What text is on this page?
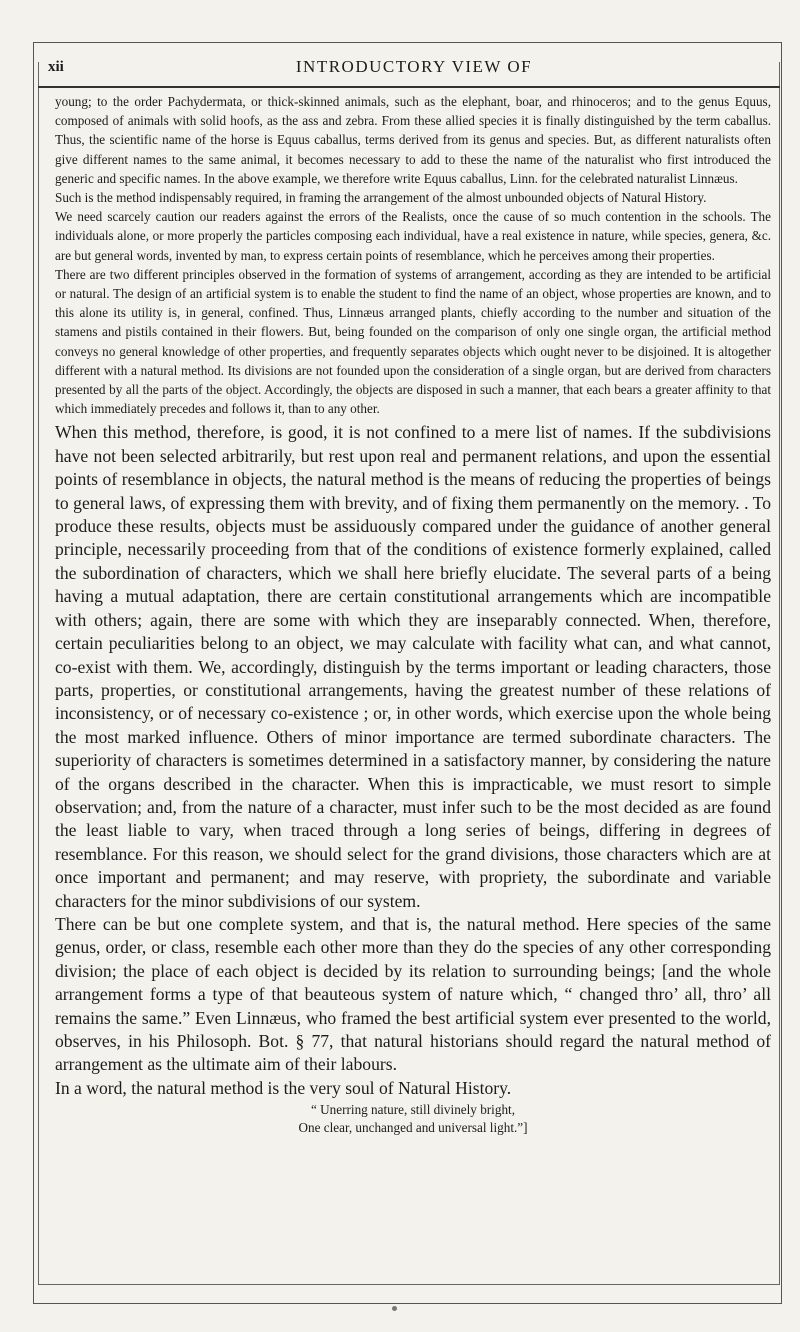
xii	INTRODUCTORY VIEW OF

young; to the order Pachydermata, or thick-skinned animals, such as the elephant, boar, and rhinoceros; and to the genus Equus, composed of animals with solid hoofs, as the ass and zebra. From these allied species it is finally distinguished by the term caballus. Thus, the scientific name of the horse is Equus caballus, terms derived from its genus and species. But, as different naturalists often give different names to the same animal, it becomes necessary to add to these the name of the naturalist who first introduced the generic and specific names. In the above example, we therefore write Equus caballus, Linn. for the celebrated naturalist Linnæus.

Such is the method indispensably required, in framing the arrangement of the almost unbounded objects of Natural History.

We need scarcely caution our readers against the errors of the Realists, once the cause of so much contention in the schools. The individuals alone, or more properly the particles composing each individual, have a real existence in nature, while species, genera, &c. are but general words, invented by man, to express certain points of resemblance, which he perceives among their properties.

There are two different principles observed in the formation of systems of arrangement, according as they are intended to be artificial or natural. The design of an artificial system is to enable the student to find the name of an object, whose properties are known, and to this alone its utility is, in general, confined. Thus, Linnæus arranged plants, chiefly according to the number and situation of the stamens and pistils contained in their flowers. But, being founded on the comparison of only one single organ, the artificial method conveys no general knowledge of other properties, and frequently separates objects which ought never to be disjoined. It is altogether different with a natural method. Its divisions are not founded upon the consideration of a single organ, but are derived from characters presented by all the parts of the object. Accordingly, the objects are disposed in such a manner, that each bears a greater affinity to that which immediately precedes and follows it, than to any other.

When this method, therefore, is good, it is not confined to a mere list of names. If the subdivisions have not been selected arbitrarily, but rest upon real and permanent relations, and upon the essential points of resemblance in objects, the natural method is the means of reducing the properties of beings to general laws, of expressing them with brevity, and of fixing them permanently on the memory. . To produce these results, objects must be assiduously compared under the guidance of another general principle, necessarily proceeding from that of the conditions of existence formerly explained, called the subordination of characters, which we shall here briefly elucidate. The several parts of a being having a mutual adaptation, there are certain constitutional arrangements which are incompatible with others; again, there are some with which they are inseparably connected. When, therefore, certain peculiarities belong to an object, we may calculate with facility what can, and what cannot, co-exist with them. We, accordingly, distinguish by the terms important or leading characters, those parts, properties, or constitutional arrangements, having the greatest number of these relations of inconsistency, or of necessary co-existence ; or, in other words, which exercise upon the whole being the most marked influence. Others of minor importance are termed subordinate characters. The superiority of characters is sometimes determined in a satisfactory manner, by considering the nature of the organs described in the character. When this is impracticable, we must resort to simple observation; and, from the nature of a character, must infer such to be the most decided as are found the least liable to vary, when traced through a long series of beings, differing in degrees of resemblance. For this reason, we should select for the grand divisions, those characters which are at once important and permanent; and may reserve, with propriety, the subordinate and variable characters for the minor subdivisions of our system.

There can be but one complete system, and that is, the natural method. Here species of the same genus, order, or class, resemble each other more than they do the species of any other corresponding division; the place of each object is decided by its relation to surrounding beings; [and the whole arrangement forms a type of that beauteous system of nature which, “ changed thro’ all, thro’ all remains the same.” Even Linnæus, who framed the best artificial system ever presented to the world, observes, in his Philosoph. Bot. § 77, that natural historians should regard the natural method of arrangement as the ultimate aim of their labours.

In a word, the natural method is the very soul of Natural History.

“ Unerring nature, still divinely bright,
One clear, unchanged and universal light.”]
